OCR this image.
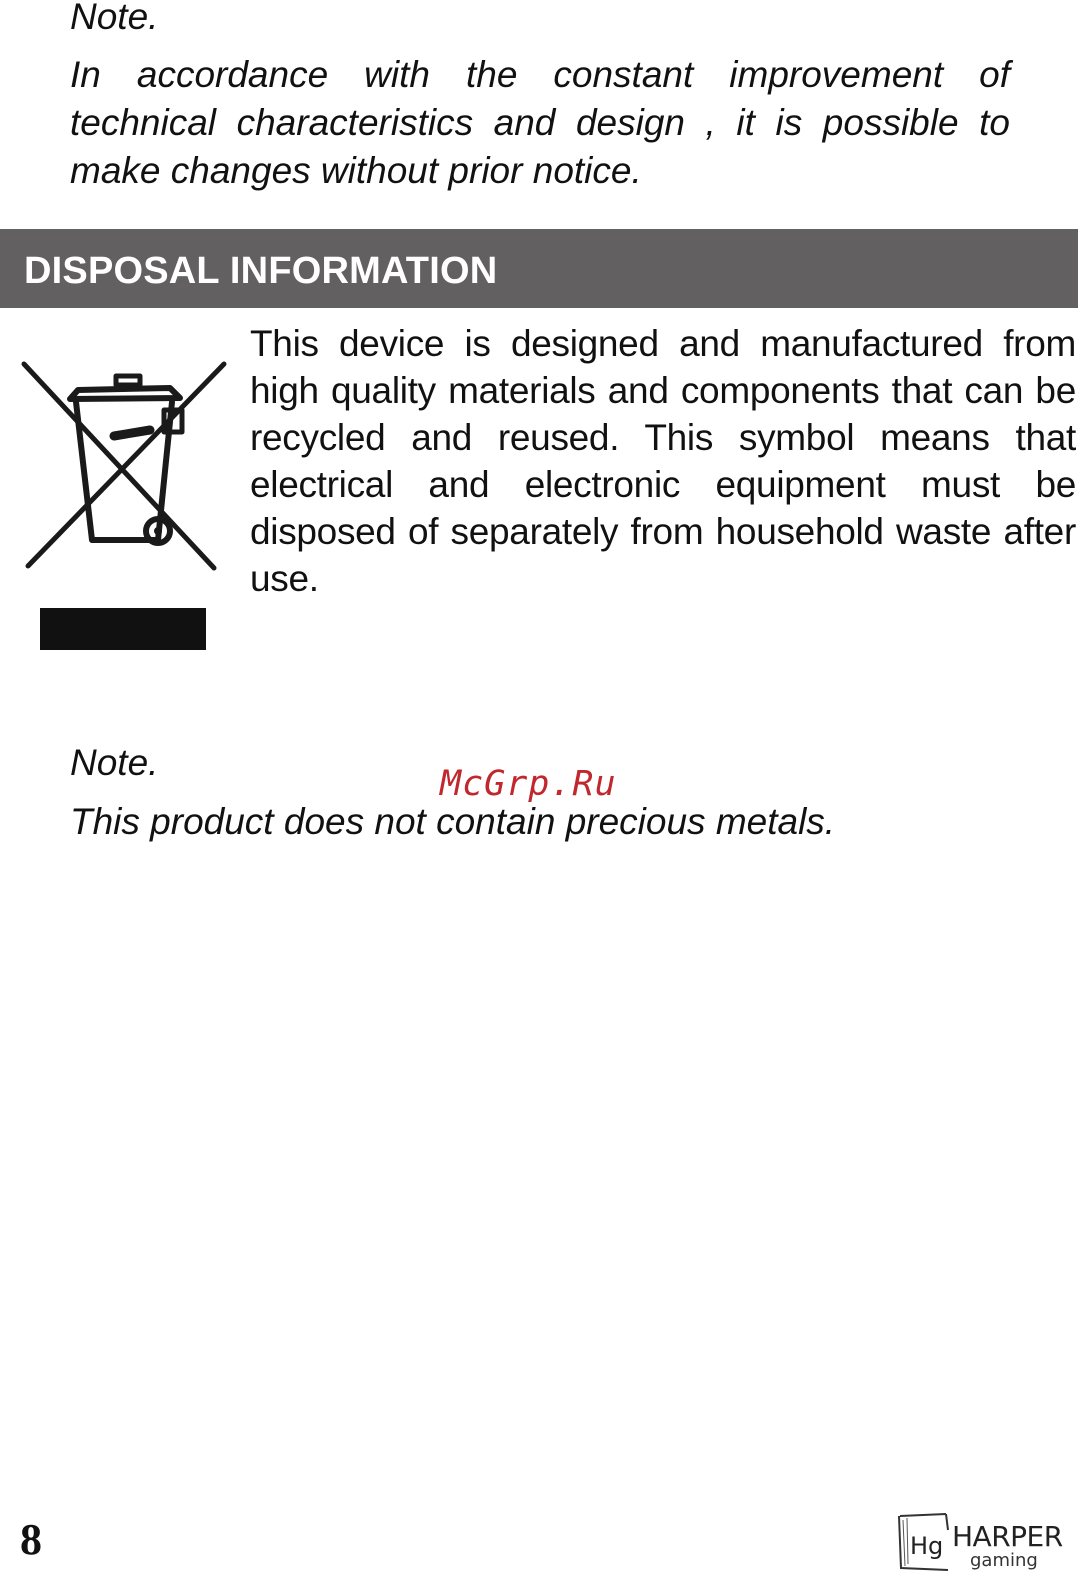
Note.

In accordance with the constant improvement of technical characteristics and design , it is possible to make changes without prior notice.

DISPOSAL INFORMATION

This device is designed and manufactured from high quality materials and components that can be recycled and reused. This symbol means that electrical and electronic equipment must be disposed of separately from household waste after use.

Note.

McGrp.Ru

This product does not contain precious metals.

8	Hg HARPER
gaming
